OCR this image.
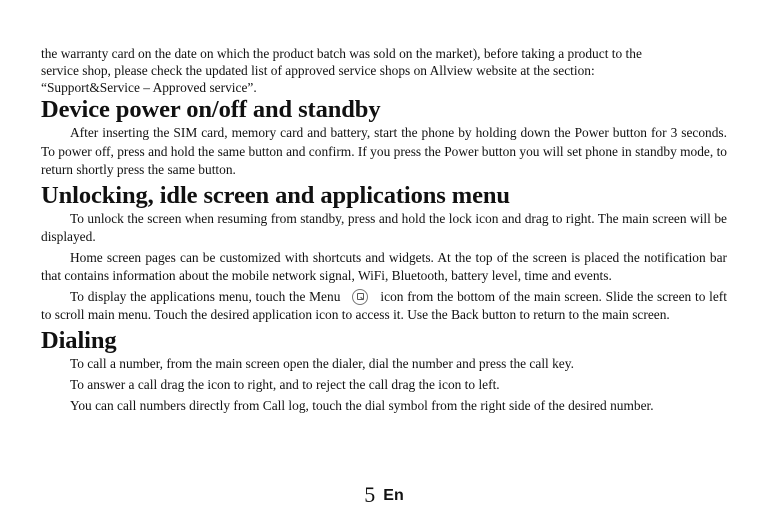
the warranty card on the date on which the product batch was sold on the market), before taking a product to the
service shop, please check the updated list of approved service shops on Allview website at the section:
“Support&Service – Approved service”.

Device power on/off and standby

After inserting the SIM card, memory card and battery, start the phone by holding down the Power button for 3 seconds. To power off, press and hold the same button and confirm. If you press the Power button you will set phone in standby mode, to return shortly press the same button.

Unlocking, idle screen and applications menu

To unlock the screen when resuming from standby, press and hold the lock icon and drag to right. The main screen will be displayed.

Home screen pages can be customized with shortcuts and widgets. At the top of the screen is placed the notification bar that contains information about the mobile network signal, WiFi, Bluetooth, battery level, time and events.

To display the applications menu, touch the Menu	icon from the bottom of the main screen. Slide the screen to left to scroll main menu. Touch the desired application icon to access it. Use the Back button to return to the main screen.

Dialing

To call a number, from the main screen open the dialer, dial the number and press the call key.

To answer a call drag the icon to right, and to reject the call drag the icon to left.

You can call numbers directly from Call log, touch the dial symbol from the right side of the desired number.

5 En
